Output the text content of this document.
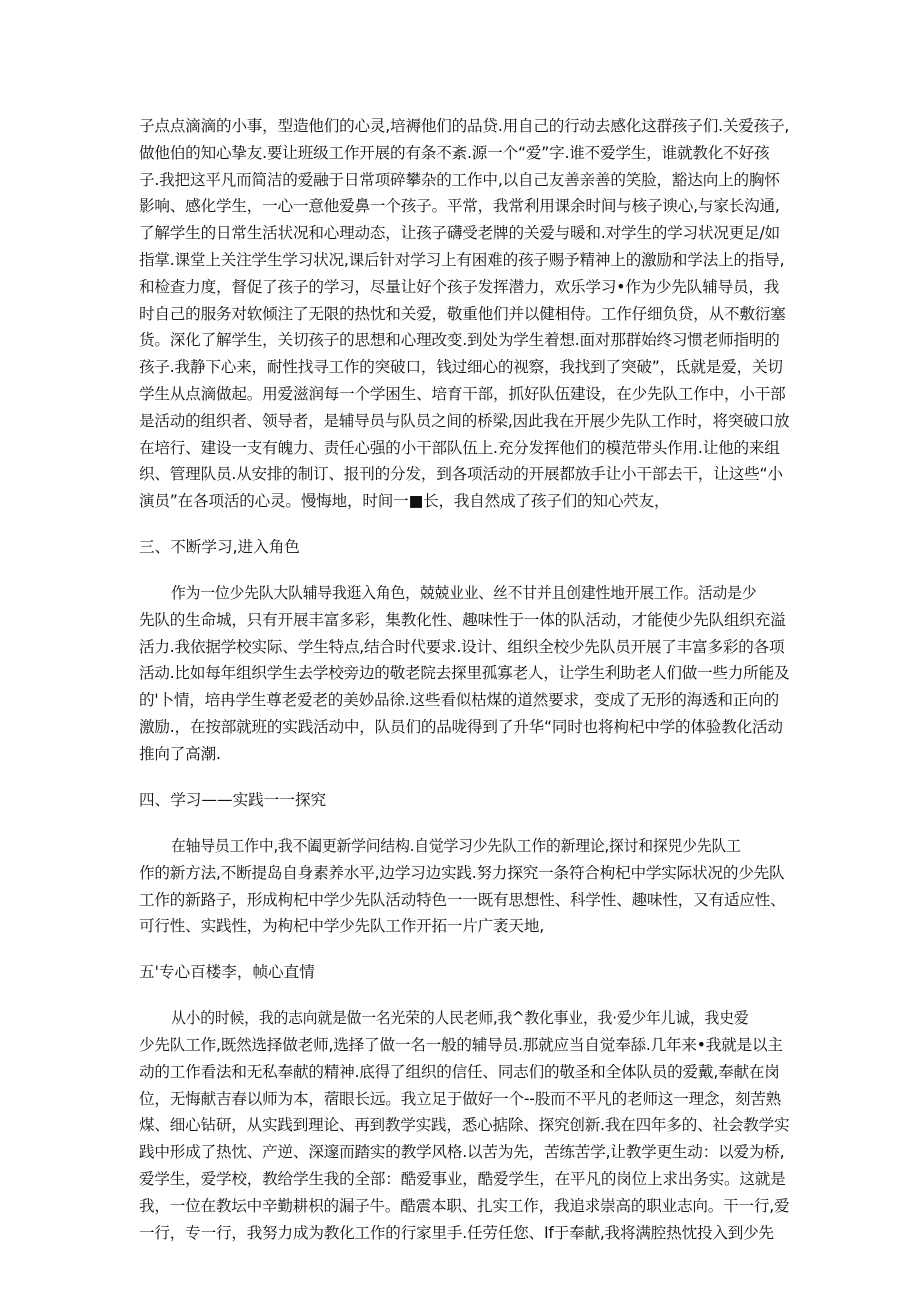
子点点滴滴的小事，型造他们的心灵,培褥他们的品贷.用自己的行动去感化这群孩子们.关爱孩子,
做他伯的知心挚友.要让班级工作开展的有条不紊.源一个“爱”字.谁不爱学生，谁就教化不好孩
子.我把这平凡而简洁的爱融于日常项碎攀杂的工作中,以自己友善亲善的笑脸，豁达向上的胸怀
影响、感化学生，一心一意他爱鼻一个孩子。平常，我常利用课余时间与核子谀心,与家长沟通,
了解学生的日常生活状况和心理动态，让孩子礴受老牌的关爱与暖和.对学生的学习状况更足/如
指掌.课堂上关注学生学习状况,课后针对学习上有困难的孩子赐予精神上的激励和学法上的指导,
和检查力度，督促了孩子的学习，尽量让好个孩子发挥潜力，欢乐学习•作为少先队辅导员，我
时自己的服务对软倾注了无限的热忱和关爱，敬重他们并以健相侍。工作仔细负贷，从不敷衍塞
货。深化了解学生，关切孩子的思想和心理改变.到处为学生着想.面对那群始终习惯老师指明的
孩子.我静下心来，耐性找寻工作的突破口，钱过细心的视察，我找到了突破”，氐就是爱，关切
学生从点滴做起。用爱滋润每一个学困生、培育干部，抓好队伍建设，在少先队工作中，小干部
是活动的组织者、领导者，是辅导员与队员之间的桥梁,因此我在开展少先队工作时，将突破口放
在培行、建设一支有魄力、责任心强的小干部队伍上.充分发挥他们的模范带头作用.让他的来组
织、管理队员.从安排的制订、报刊的分发，到各项活动的开展都放手让小干部去干，让这些“小
演员”在各项活的心灵。慢悔地，时间一■长，我自然成了孩子们的知心茓友，
三、不断学习,进入角色
作为一位少先队大队辅导我逛入角色，兢兢业业、丝不甘并且创建性地开展工作。活动是少
先队的生命城，只有开展丰富多彩，集教化性、趣味性于一体的队活动，才能使少先队组织充溢
活力.我依据学校实际、学生特点,结合时代要求.设计、组织全校少先队员开展了丰富多彩的各项
活动.比如每年组织学生去学校旁边的敬老院去探里孤寡老人，让学生利助老人们做一些力所能及
的'卜情，培冉学生尊老爱老的美妙品徐.这些看似枯煤的道然要求，变成了无形的海透和正向的
激励.，在按部就班的实践活动中，队员们的品咙得到了升华“同时也将枸杞中学的体验教化活动
推向了高潮.
四、学习——实践一一探究
在轴导员工作中,我不阖更新学问结构.自觉学习少先队工作的新理论,探讨和探兕少先队工
作的新方法,不断提岛自身素养水平,边学习边实践.努力探究一条符合枸杞中学实际状况的少先队
工作的新路子，形成枸杞中学少先队活动特色一一既有思想性、科学性、趣味性，又有适应性、
可行性、实践性，为枸杞中学少先队工作开拓一片广袤天地,
五'专心百楼李，帧心直情
从小的时候，我的志向就是做一名光荣的人民老师,我^教化事业，我·爱少年儿诚，我史爱
少先队工作,既然选择做老师,选择了做一名一般的辅导员.那就应当自觉奉舔.几年来•我就是以主
动的工作看法和无私奉献的精神.底得了组织的信任、同志们的敬圣和全体队员的爱戴,奉献在岗
位，无悔献吉春以师为本，蓿眼长远。我立足于做好一个--股而不平凡的老师这一理念，刻苦熟
煤、细心钻研，从实践到理论、再到教学实践，悉心掂除、探究创新.我在四年多的、社会教学实
践中形成了热忱、产逆、深邃而踏实的教学风格.以苦为先，苦练苦学,让教学更生动：以爱为桥,
爱学生，爱学校，教给学生我的全部：酷爱事业，酷爱学生，在平凡的岗位上求出务实。这就是
我，一位在教坛中辛勤耕枳的漏子牛。酷震本职、扎实工作，我追求崇高的职业志向。干一行,爱
一行，专一行，我努力成为教化工作的行家里手.任劳任您、If于奉献,我将满腔热忱投入到少先
